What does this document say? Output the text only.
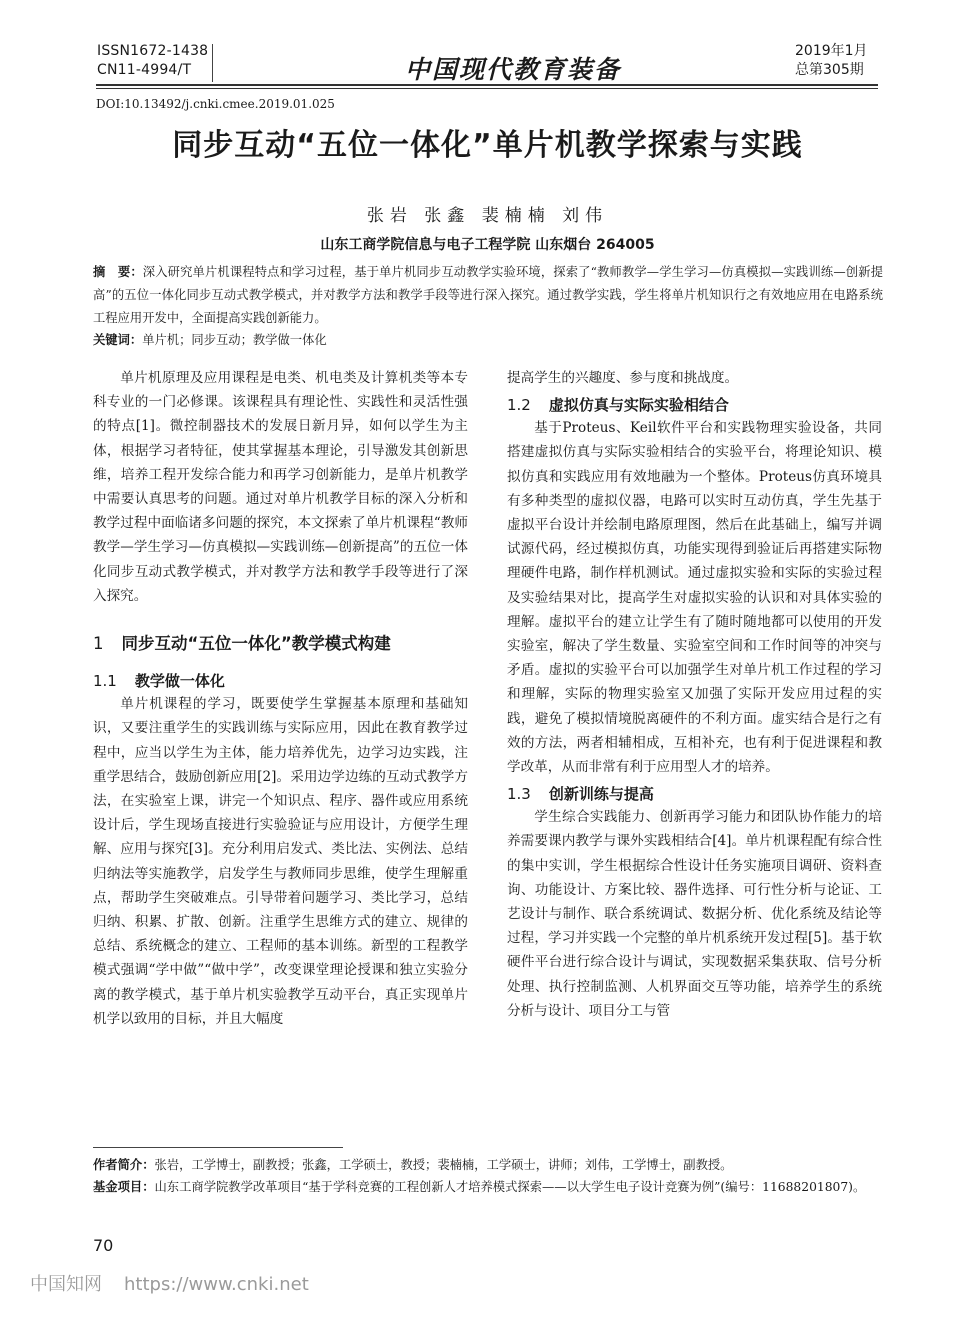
ISSN1672-1438
CN11-4994/T	中国现代教育装备
2019年1月
总第305期
DOI:10.13492/j.cnki.cmee.2019.01.025
同步互动“五位一体化”单片机教学探索与实践
张岩 张鑫 裴楠楠 刘伟
山东工商学院信息与电子工程学院 山东烟台 264005
摘　要：深入研究单片机课程特点和学习过程，基于单片机同步互动教学实验环境，探索了“教师教学—学生学习—仿真模拟—实践训练—创新提高”的五位一体化同步互动式教学模式，并对教学方法和教学手段等进行深入探究。通过教学实践，学生将单片机知识行之有效地应用在电路系统工程应用开发中，全面提高实践创新能力。
关键词：单片机；同步互动；教学做一体化

单片机原理及应用课程是电类、机电类及计算机类等本专科专业的一门必修课。该课程具有理论性、实践性和灵活性强的特点[1]。微控制器技术的发展日新月异，如何以学生为主体，根据学习者特征，使其掌握基本理论，引导激发其创新思维，培养工程开发综合能力和再学习创新能力，是单片机教学中需要认真思考的问题。通过对单片机教学目标的深入分析和教学过程中面临诸多问题的探究，本文探索了单片机课程“教师教学—学生学习—仿真模拟—实践训练—创新提高”的五位一体化同步互动式教学模式，并对教学方法和教学手段等进行了深入探究。

1 同步互动“五位一体化”教学模式构建
1.1 教学做一体化

单片机课程的学习，既要使学生掌握基本原理和基础知识，又要注重学生的实践训练与实际应用，因此在教育教学过程中，应当以学生为主体，能力培养优先，边学习边实践，注重学思结合，鼓励创新应用[2]。采用边学边练的互动式教学方法，在实验室上课，讲完一个知识点、程序、器件或应用系统设计后，学生现场直接进行实验验证与应用设计，方便学生理解、应用与探究[3]。充分利用启发式、类比法、实例法、总结归纳法等实施教学，启发学生与教师同步思维，使学生理解重点，帮助学生突破难点。引导带着问题学习、类比学习，总结归纳、积累、扩散、创新。注重学生思维方式的建立、规律的总结、系统概念的建立、工程师的基本训练。新型的工程教学模式强调“学中做”“做中学”，改变课堂理论授课和独立实验分离的教学模式，基于单片机实验教学互动平台，真正实现单片机学以致用的目标，并且大幅度

提高学生的兴趣度、参与度和挑战度。

1.2 虚拟仿真与实际实验相结合

基于Proteus、Keil软件平台和实践物理实验设备，共同搭建虚拟仿真与实际实验相结合的实验平台，将理论知识、模拟仿真和实践应用有效地融为一个整体。Proteus仿真环境具有多种类型的虚拟仪器，电路可以实时互动仿真，学生先基于虚拟平台设计并绘制电路原理图，然后在此基础上，编写并调试源代码，经过模拟仿真，功能实现得到验证后再搭建实际物理硬件电路，制作样机测试。通过虚拟实验和实际的实验过程及实验结果对比，提高学生对虚拟实验的认识和对具体实验的理解。虚拟平台的建立让学生有了随时随地都可以使用的开发实验室，解决了学生数量、实验室空间和工作时间等的冲突与矛盾。虚拟的实验平台可以加强学生对单片机工作过程的学习和理解，实际的物理实验室又加强了实际开发应用过程的实践，避免了模拟情境脱离硬件的不利方面。虚实结合是行之有效的方法，两者相辅相成，互相补充，也有利于促进课程和教学改革，从而非常有利于应用型人才的培养。

1.3 创新训练与提高

学生综合实践能力、创新再学习能力和团队协作能力的培养需要课内教学与课外实践相结合[4]。单片机课程配有综合性的集中实训，学生根据综合性设计任务实施项目调研、资料查询、功能设计、方案比较、器件选择、可行性分析与论证、工艺设计与制作、联合系统调试、数据分析、优化系统及结论等过程，学习并实践一个完整的单片机系统开发过程[5]。基于软硬件平台进行综合设计与调试，实现数据采集获取、信号分析处理、执行控制监测、人机界面交互等功能，培养学生的系统分析与设计、项目分工与管

作者简介：张岩，工学博士，副教授；张鑫，工学硕士，教授；裴楠楠，工学硕士，讲师；刘伟，工学博士，副教授。
基金项目：山东工商学院教学改革项目“基于学科竞赛的工程创新人才培养模式探索——以大学生电子设计竞赛为例”(编号：11688201807)。
70
中国知网 https://www.cnki.net
